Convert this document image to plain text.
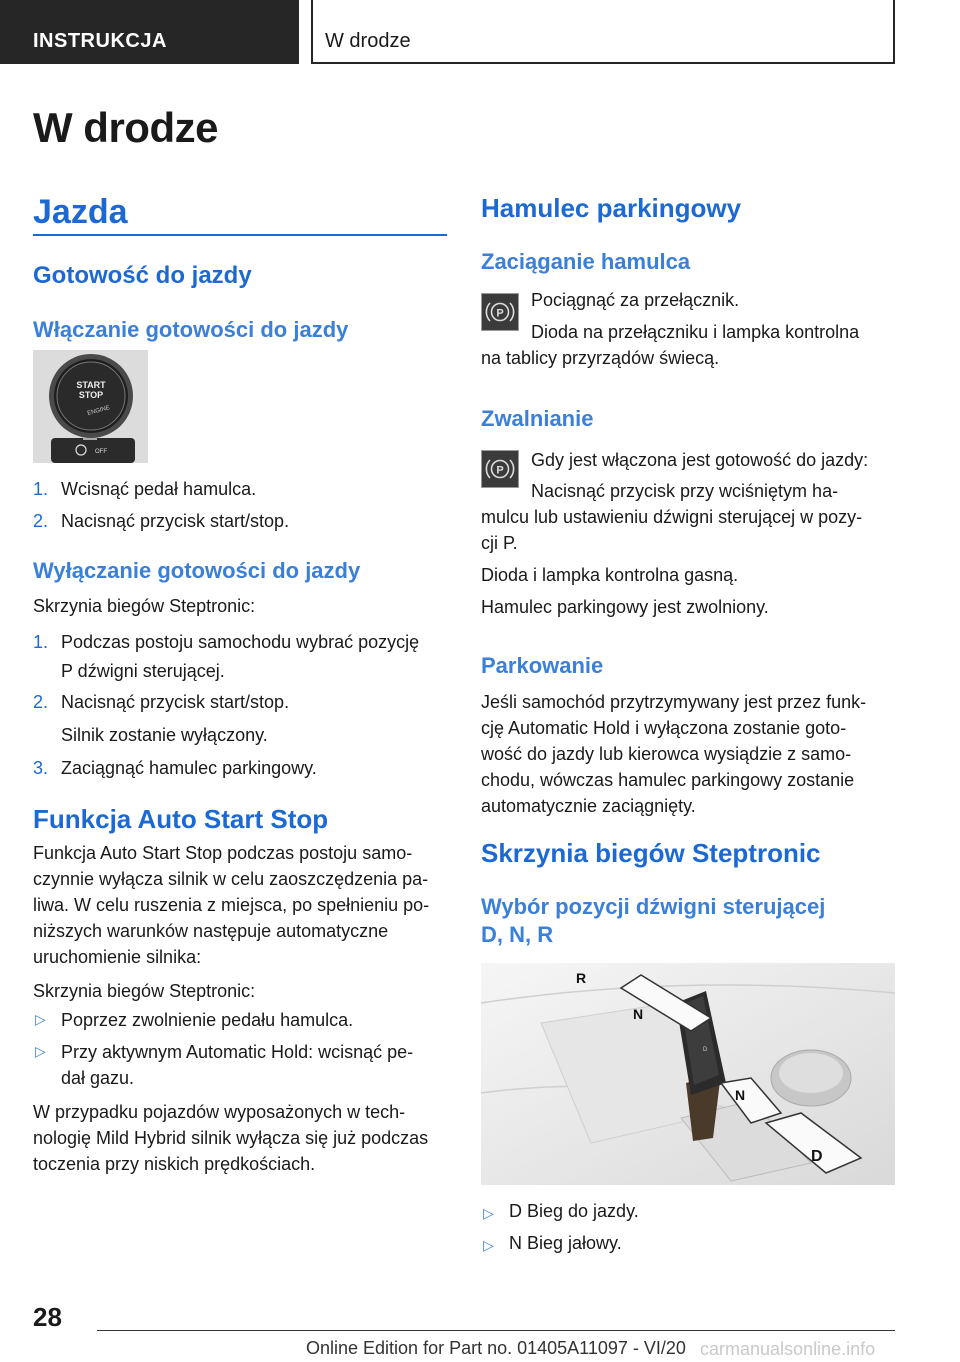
INSTRUKCJA	W drodze
W drodze
Jazda
Gotowość do jazdy
Włączanie gotowości do jazdy
START
STOP
ENGINE
OFF
1. Wcisnąć pedał hamulca.
2. Nacisnąć przycisk start/stop.
Wyłączanie gotowości do jazdy
Skrzynia biegów Steptronic:
1. Podczas postoju samochodu wybrać pozycję
P dźwigni sterującej.
2. Nacisnąć przycisk start/stop.
Silnik zostanie wyłączony.
3. Zaciągnąć hamulec parkingowy.
Funkcja Auto Start Stop
Funkcja Auto Start Stop podczas postoju samo-
czynnie wyłącza silnik w celu zaoszczędzenia pa-
liwa. W celu ruszenia z miejsca, po spełnieniu po-
niższych warunków następuje automatyczne
uruchomienie silnika:
Skrzynia biegów Steptronic:
▷ Poprzez zwolnienie pedału hamulca.
▷ Przy aktywnym Automatic Hold: wcisnąć pe-
dał gazu.
W przypadku pojazdów wyposażonych w tech-
nologię Mild Hybrid silnik wyłącza się już podczas
toczenia przy niskich prędkościach.
Hamulec parkingowy
Zaciąganie hamulca
P
Pociągnąć za przełącznik.
Dioda na przełączniku i lampka kontrolna
na tablicy przyrządów świecą.
Zwalnianie
P
Gdy jest włączona jest gotowość do jazdy:
Nacisnąć przycisk przy wciśniętym ha-
mulcu lub ustawieniu dźwigni sterującej w pozy-
cji P.
Dioda i lampka kontrolna gasną.
Hamulec parkingowy jest zwolniony.
Parkowanie
Jeśli samochód przytrzymywany jest przez funk-
cję Automatic Hold i wyłączona zostanie goto-
wość do jazdy lub kierowca wysiądzie z samo-
chodu, wówczas hamulec parkingowy zostanie
automatycznie zaciągnięty.
Skrzynia biegów Steptronic
Wybór pozycji dźwigni sterującej
D, N, R
D
R
N
N
D
▷ D Bieg do jazdy.
▷ N Bieg jałowy.
28
Online Edition for Part no. 01405A11097 - VI/20 carmanualsonline.info
